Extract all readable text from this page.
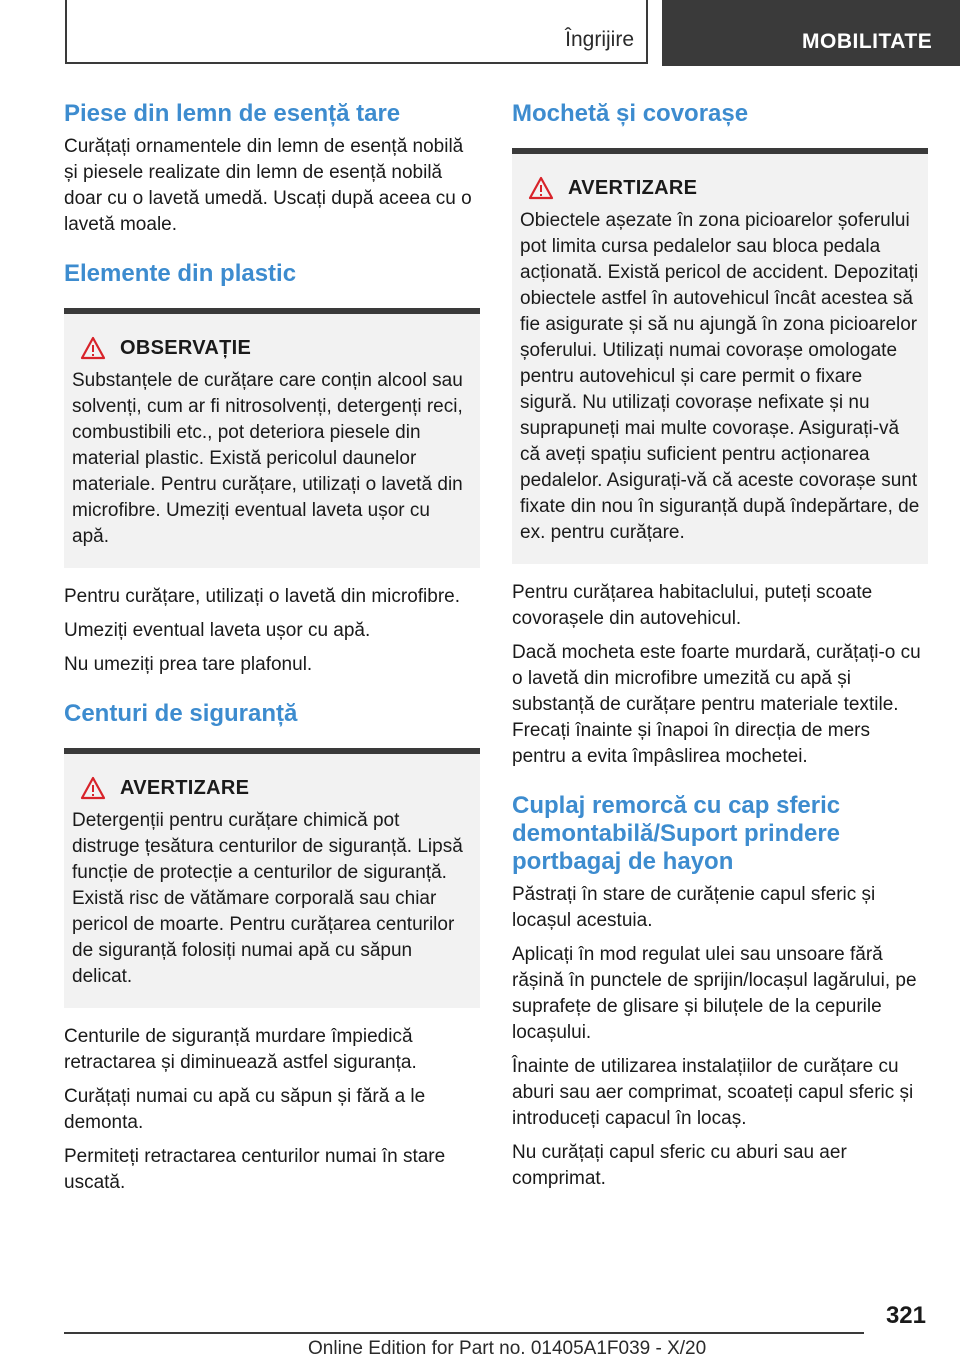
Îngrijire	MOBILITATE
Piese din lemn de esență tare

Curățați ornamentele din lemn de esență nobilă și piesele realizate din lemn de esență nobilă doar cu o lavetă umedă. Uscați după aceea cu o lavetă moale.

Elemente din plastic
OBSERVAȚIE

Substanțele de curățare care conțin alcool sau solvenți, cum ar fi nitrosolvenți, detergenți reci, combustibili etc., pot deteriora piesele din material plastic. Există pericolul daunelor materiale. Pentru curățare, utilizați o lavetă din microfibre. Umeziți eventual laveta ușor cu apă.

Pentru curățare, utilizați o lavetă din microfibre.

Umeziți eventual laveta ușor cu apă.

Nu umeziți prea tare plafonul.

Centuri de siguranță
AVERTIZARE

Detergenții pentru curățare chimică pot distruge țesătura centurilor de siguranță. Lipsă funcție de protecție a centurilor de siguranță. Există risc de vătămare corporală sau chiar pericol de moarte. Pentru curățarea centurilor de siguranță folosiți numai apă cu săpun delicat.

Centurile de siguranță murdare împiedică retractarea și diminuează astfel siguranța.

Curățați numai cu apă cu săpun și fără a le demonta.

Permiteți retractarea centurilor numai în stare uscată.

Mochetă și covorașe
AVERTIZARE

Obiectele așezate în zona picioarelor șoferului pot limita cursa pedalelor sau bloca pedala acționată. Există pericol de accident. Depozitați obiectele astfel în autovehicul încât acestea să fie asigurate și să nu ajungă în zona picioarelor șoferului. Utilizați numai covorașe omologate pentru autovehicul și care permit o fixare sigură. Nu utilizați covorașe nefixate și nu suprapuneți mai multe covorașe. Asigurați-vă că aveți spațiu suficient pentru acționarea pedalelor. Asigurați-vă că aceste covorașe sunt fixate din nou în siguranță după îndepărtare, de ex. pentru curățare.

Pentru curățarea habitaclului, puteți scoate covorașele din autovehicul.

Dacă mocheta este foarte murdară, curățați-o cu o lavetă din microfibre umezită cu apă și substanță de curățare pentru materiale textile. Frecați înainte și înapoi în direcția de mers pentru a evita împâslirea mochetei.

Cuplaj remorcă cu cap sferic demontabilă/Suport prindere portbagaj de hayon

Păstrați în stare de curățenie capul sferic și locașul acestuia.

Aplicați în mod regulat ulei sau unsoare fără rășină în punctele de sprijin/locașul lagărului, pe suprafețe de glisare și biluțele de la cepurile locașului.

Înainte de utilizarea instalațiilor de curățare cu aburi sau aer comprimat, scoateți capul sferic și introduceți capacul în locaș.

Nu curățați capul sferic cu aburi sau aer comprimat.

321
Online Edition for Part no. 01405A1F039 - X/20
